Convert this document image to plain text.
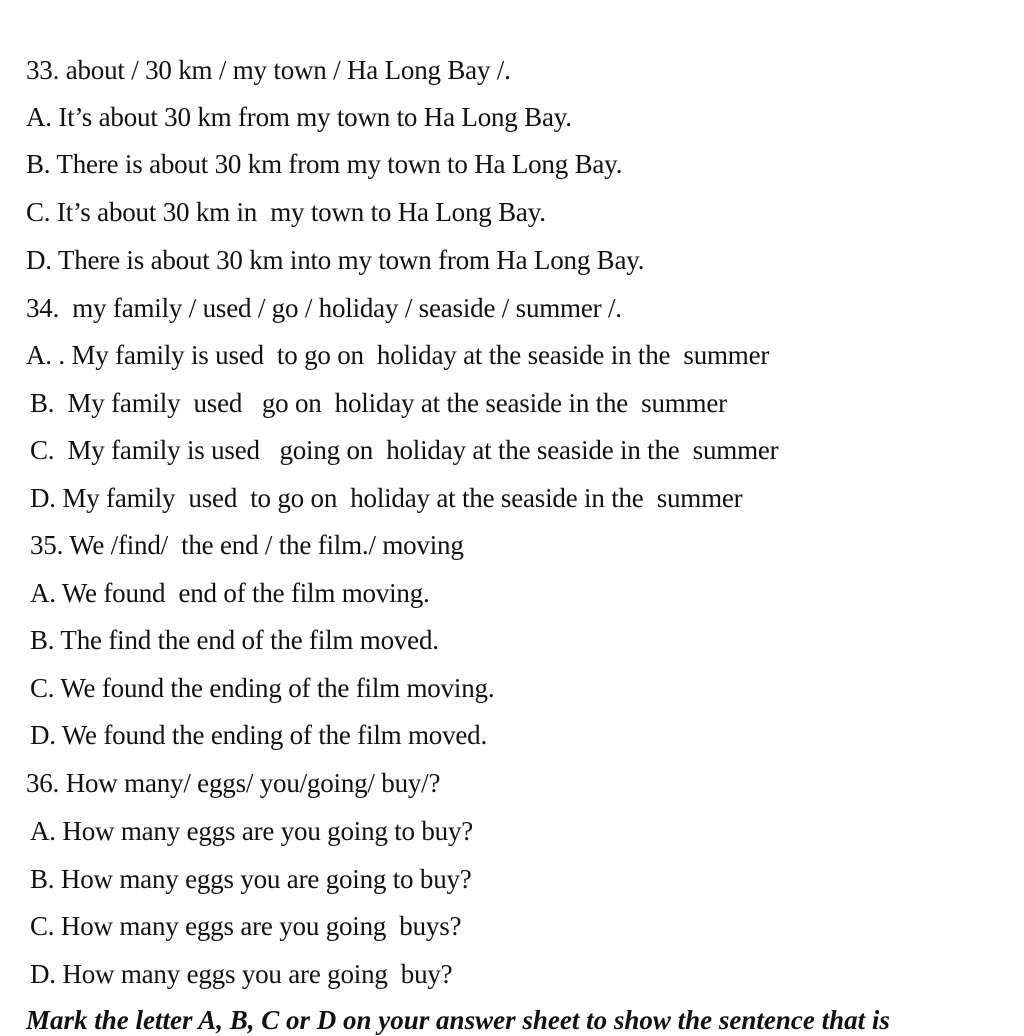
33. about / 30 km / my town / Ha Long Bay /.
A. It’s about 30 km from my town to Ha Long Bay.
B. There is about 30 km from my town to Ha Long Bay.
C. It’s about 30 km in  my town to Ha Long Bay.
D. There is about 30 km into my town from Ha Long Bay.
34.  my family / used / go / holiday / seaside / summer /.
A. . My family is used  to go on  holiday at the seaside in the  summer
B.  My family  used   go on  holiday at the seaside in the  summer
C.  My family is used   going on  holiday at the seaside in the  summer
D. My family  used  to go on  holiday at the seaside in the  summer
35. We /find/  the end / the film./ moving
A. We found  end of the film moving.
B. The find the end of the film moved.
C. We found the ending of the film moving.
D. We found the ending of the film moved.
36. How many/ eggs/ you/going/ buy/?
A. How many eggs are you going to buy?
B. How many eggs you are going to buy?
C. How many eggs are you going  buys?
D. How many eggs you are going  buy?
Mark the letter A, B, C or D on your answer sheet to show the sentence that is
